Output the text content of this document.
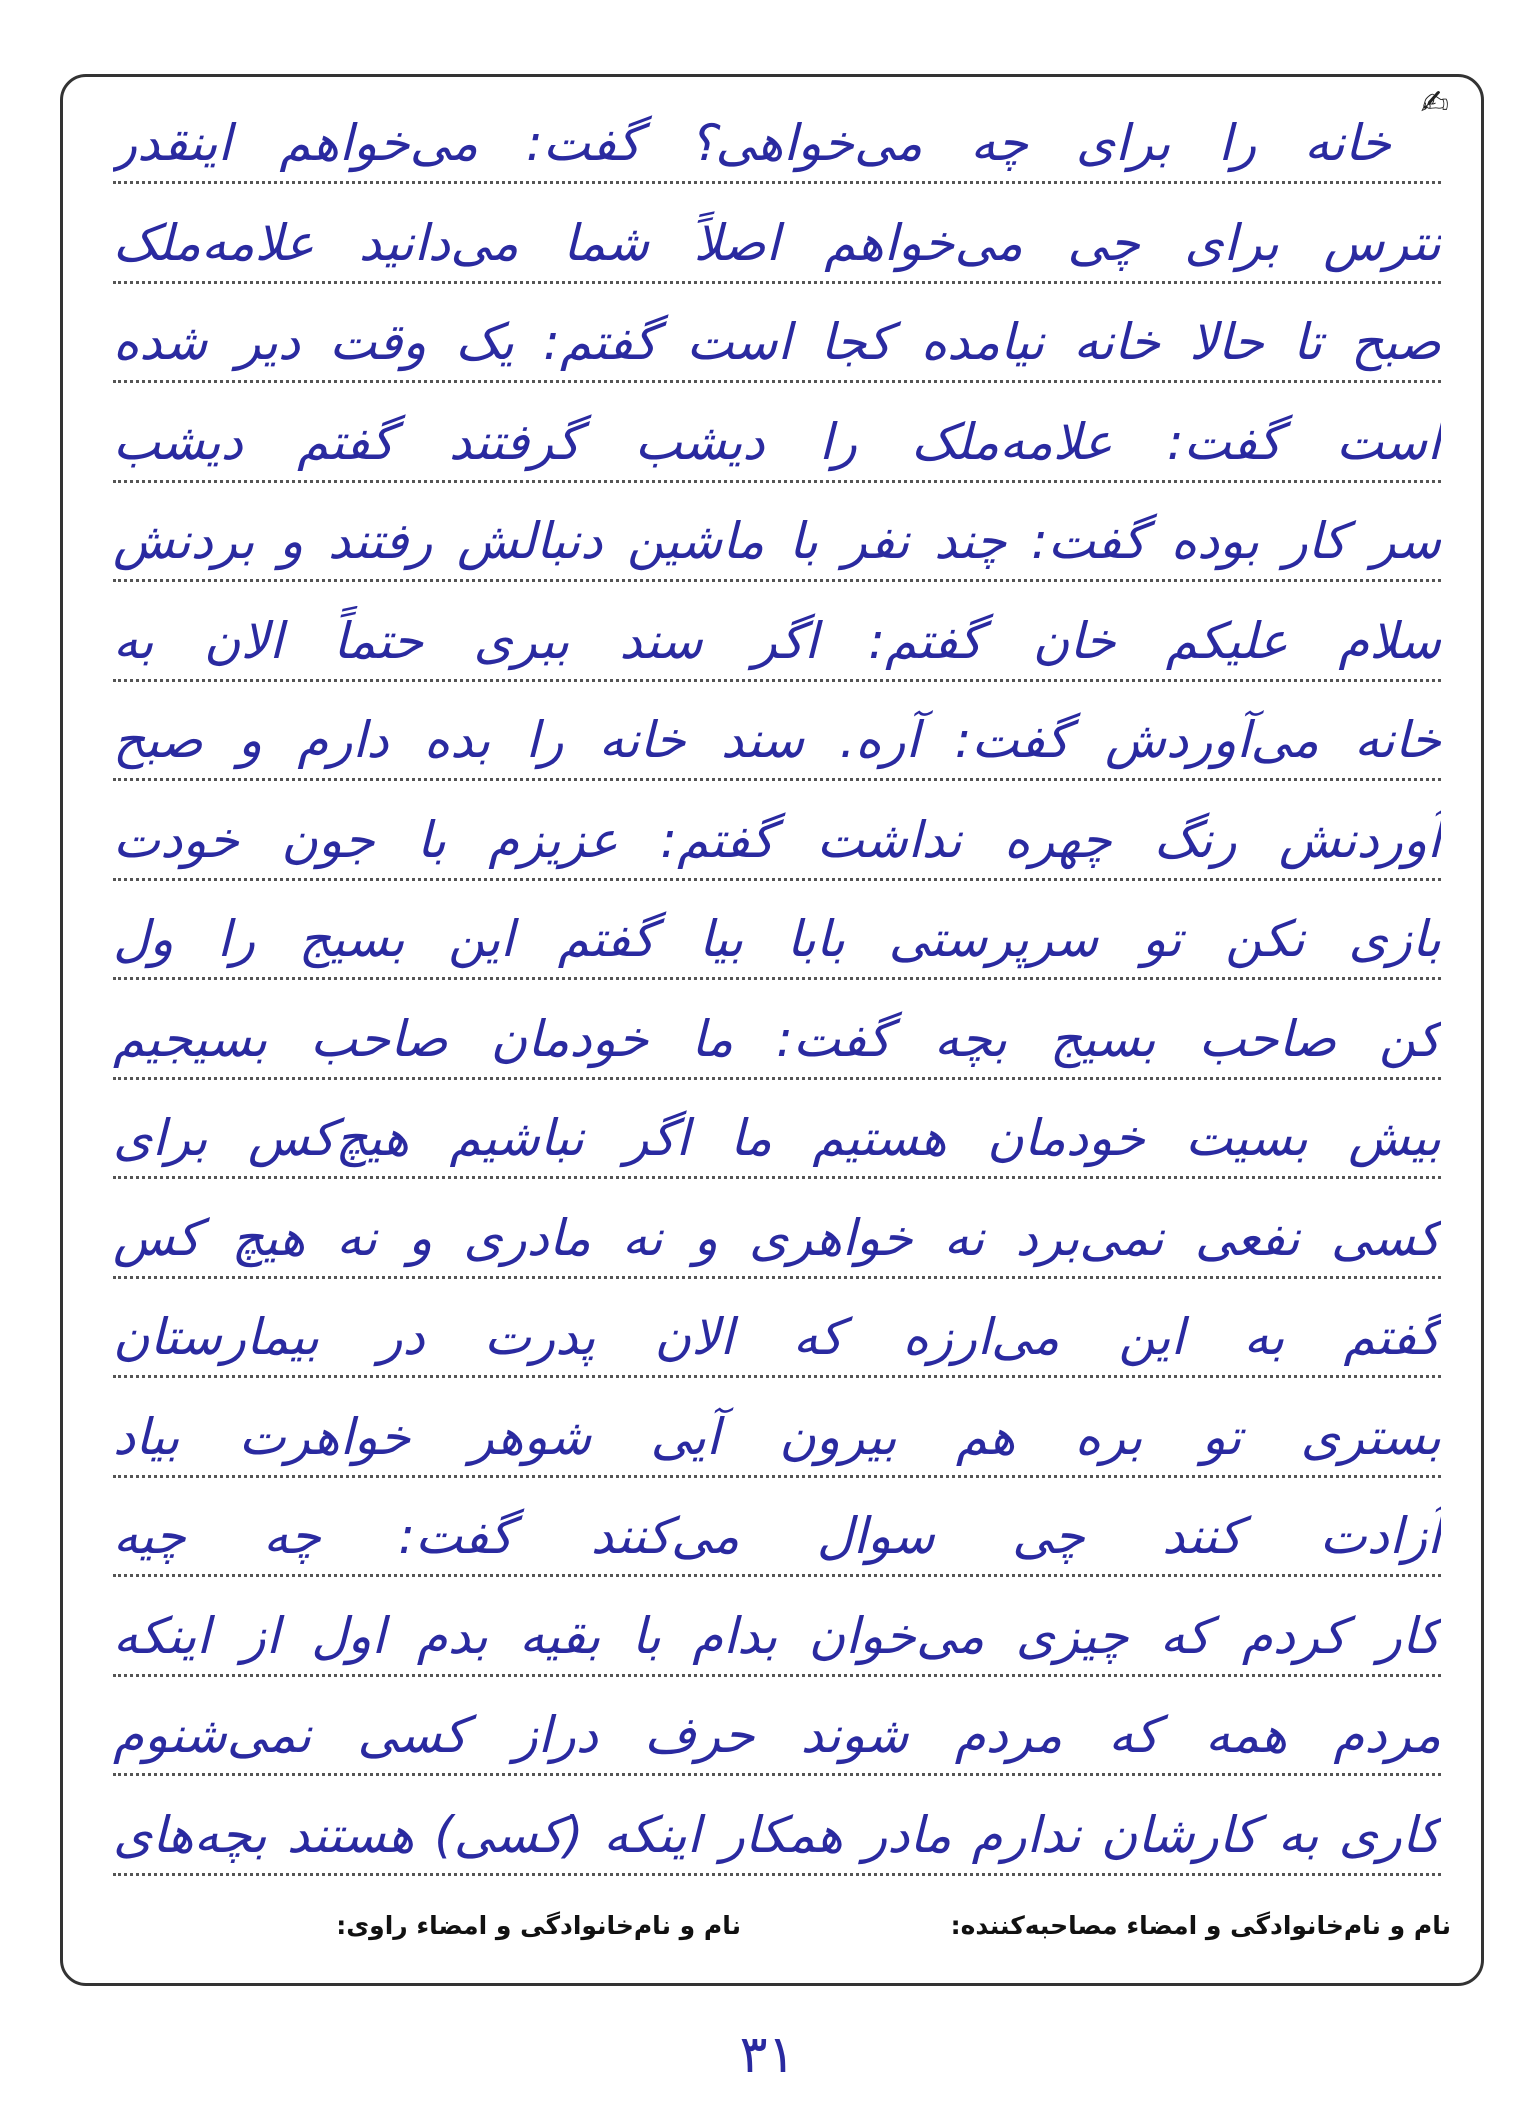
✍
خانه را برای چه می‌خواهی؟ گفت: می‌خواهم اینقدر
نترس برای چی می‌خواهم اصلاً شما می‌دانید علامه‌ملک
صبح تا حالا خانه نیامده کجا است گفتم: یک وقت دیر شده
است گفت: علامه‌ملک را دیشب گرفتند گفتم دیشب
سر کار بوده گفت: چند نفر با ماشین دنبالش رفتند و بردنش
سلام علیکم خان گفتم: اگر سند ببری حتماً الان به
خانه می‌آوردش گفت: آره. سند خانه را بده دارم و صبح
آوردنش رنگ چهره نداشت گفتم: عزیزم با جون خودت
بازی نکن تو سرپرستی بابا بیا گفتم این بسیج را ول
کن صاحب بسیج بچه گفت: ما خودمان صاحب بسیجیم
بیش بسیت خودمان هستیم ما اگر نباشیم هیچ‌کس برای
کسی نفعی نمی‌برد نه خواهری و نه مادری و نه هیچ کس
گفتم به این می‌ارزه که الان پدرت در بیمارستان
بستری تو بره هم بیرون آیی شوهر خواهرت بیاد
آزادت کنند چی سوال می‌کنند گفت: چه چیه
کار کردم که چیزی می‌خوان بدام با بقیه بدم اول از اینکه
مردم همه که مردم شوند حرف دراز کسی نمی‌شنوم
کاری به کارشان ندارم مادر همکار اینکه (کسی) هستند بچه‌های
نام و نام‌خانوادگی و امضاء مصاحبه‌کننده:
نام و نام‌خانوادگی و امضاء راوی:
۳۱
